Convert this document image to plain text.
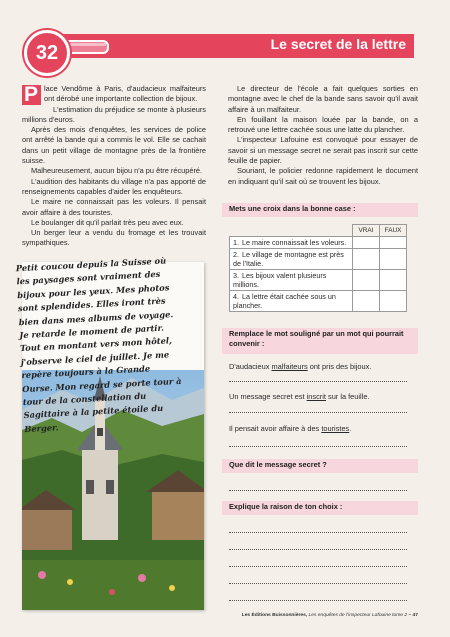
32	Le secret de la lettre

P lace Vendôme à Paris, d'audacieux malfaiteurs ont dérobé une importante collection de bijoux.

L'estimation du préjudice se monte à plusieurs millions d'euros.

Après des mois d'enquêtes, les services de police ont arrêté la bande qui a commis le vol. Elle se cachait dans un petit village de montagne près de la frontière suisse.

Malheureusement, aucun bijou n'a pu être récupéré.

L'audition des habitants du village n'a pas apporté de renseignements capables d'aider les enquêteurs.

Le maire ne connaissait pas les voleurs. Il pensait avoir affaire à des touristes.

Le boulanger dit qu'il parlait très peu avec eux.

Un berger leur a vendu du fromage et les trouvait sympathiques.

Le directeur de l'école a fait quelques sorties en montagne avec le chef de la bande sans savoir qu'il avait affaire à un malfaiteur.

En fouillant la maison louée par la bande, on a retrouvé une lettre cachée sous une latte du plancher.

L'inspecteur Lafouine est convoqué pour essayer de savoir si un message secret ne serait pas inscrit sur cette feuille de papier.

Souriant, le policier redonne rapidement le document en indiquant qu'il sait où se trouvent les bijoux.

Petit coucou depuis la Suisse où les paysages sont vraiment des bijoux pour les yeux. Mes photos sont splendides. Elles iront très bien dans mes albums de voyage. Je retarde le moment de partir. Tout en montant vers mon hôtel, j'observe le ciel de juillet. Je me repère toujours à la Grande Ourse. Mon regard se porte tour à tour de la constellation du Sagittaire à la petite étoile du Berger.
Mets une croix dans la bonne case :
	VRAI	FAUX
1. Le maire connaissait les voleurs.		
2. Le village de montagne est près de l'Italie.		
3. Les bijoux valent plusieurs millions.		
4. La lettre était cachée sous un plancher.		
Remplace le mot souligné par un mot qui pourrait convenir :
D'audacieux malfaiteurs ont pris des bijoux.
Un message secret est inscrit sur la feuille.
Il pensait avoir affaire à des touristes.
Que dit le message secret ?
Explique la raison de ton choix :
Les Éditions Buissonnières, Les enquêtes de l'inspecteur Lafouine tome 2 – 47
